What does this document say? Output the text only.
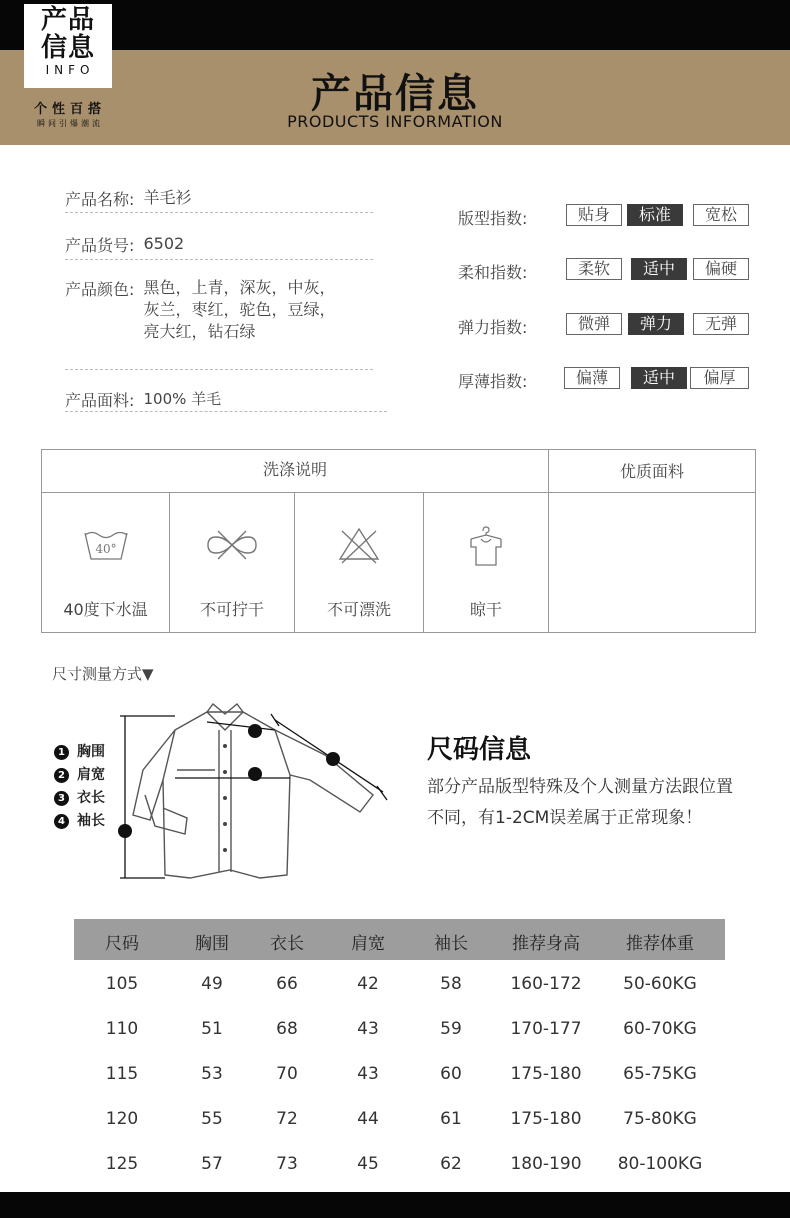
产品
信息
INFO
个性百搭
瞬间引爆潮流
产品信息
PRODUCTS INFORMATION
产品名称: 羊毛衫
产品货号: 6502
产品颜色: 黑色，上青，深灰，中灰，
灰兰，枣红，驼色，豆绿，
亮大红，钻石绿
产品面料: 100% 羊毛
版型指数:	贴身	标准	宽松
柔和指数:	柔软	适中	偏硬
弹力指数:	微弹	弹力	无弹
厚薄指数:	偏薄	适中	偏厚
洗涤说明	优质面料
40°
40度下水温	不可拧干	不可漂洗	晾干
尺寸测量方式▼
1 胸围
2 肩宽
3 衣长
4 袖长
尺码信息
部分产品版型特殊及个人测量方法跟位置不同，有1-2CM误差属于正常现象！
尺码	胸围	衣长	肩宽	袖长	推荐身高	推荐体重
105	49	66	42	58	160-172	50-60KG
110	51	68	43	59	170-177	60-70KG
115	53	70	43	60	175-180	65-75KG
120	55	72	44	61	175-180	75-80KG
125	57	73	45	62	180-190	80-100KG
